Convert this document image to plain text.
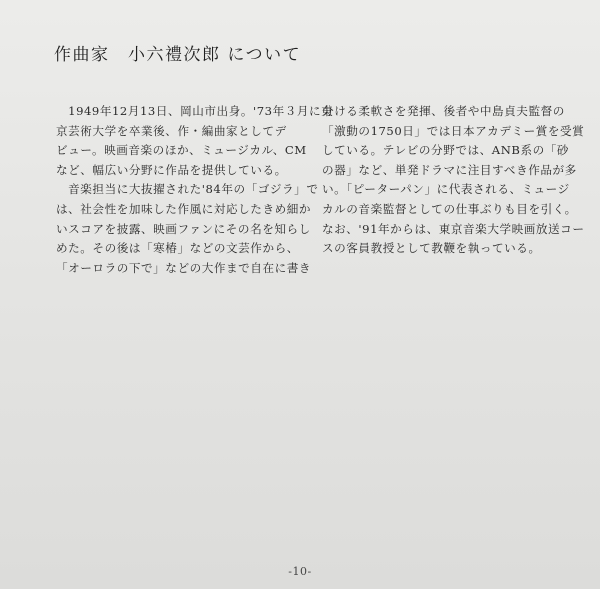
作曲家　小六禮次郎 について
　1949年12月13日、岡山市出身。'73年３月に東
京芸術大学を卒業後、作・編曲家としてデ
ビュー。映画音楽のほか、ミュージカル、CM
など、幅広い分野に作品を提供している。
　音楽担当に大抜擢された'84年の「ゴジラ」で
は、社会性を加味した作風に対応したきめ細か
いスコアを披露、映画ファンにその名を知らし
めた。その後は「寒椿」などの文芸作から、
「オーロラの下で」などの大作まで自在に書き
分ける柔軟さを発揮、後者や中島貞夫監督の
「激動の1750日」では日本アカデミー賞を受賞
している。テレビの分野では、ANB系の「砂
の器」など、単発ドラマに注目すべき作品が多
い。「ピーターパン」に代表される、ミュージ
カルの音楽監督としての仕事ぶりも目を引く。
なお、'91年からは、東京音楽大学映画放送コー
スの客員教授として教鞭を執っている。
-10-
